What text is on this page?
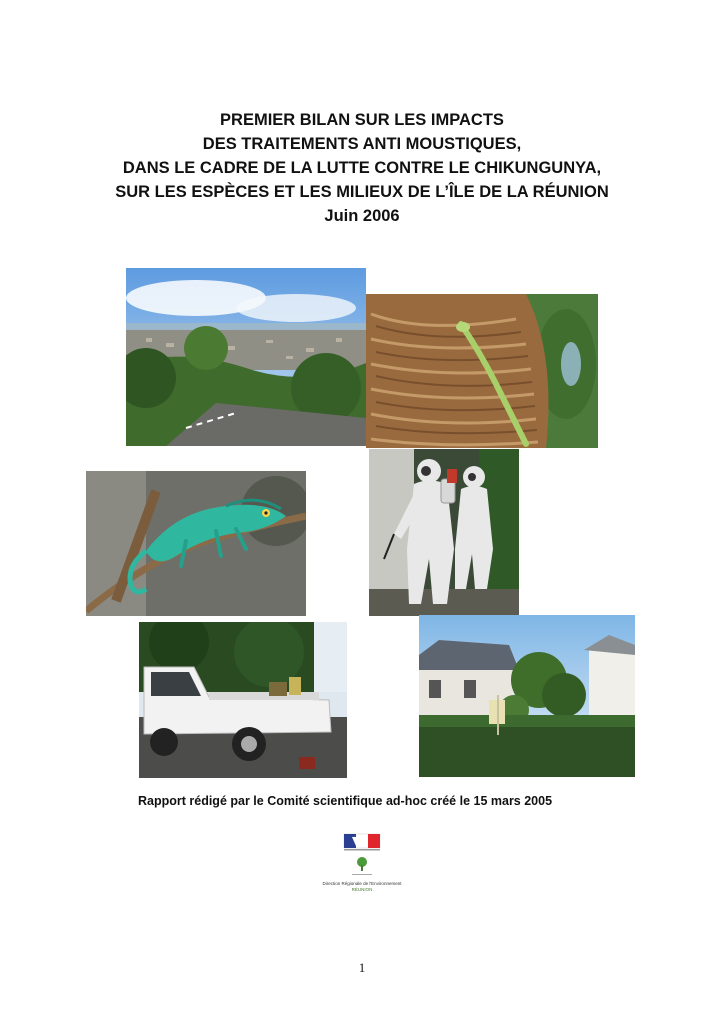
PREMIER BILAN SUR LES IMPACTS
DES TRAITEMENTS ANTI MOUSTIQUES,
DANS LE CADRE DE LA LUTTE CONTRE LE CHIKUNGUNYA,
SUR LES ESPÈCES ET LES MILIEUX DE L’ÎLE DE LA RÉUNION
Juin 2006
Rapport rédigé par le Comité scientifique ad-hoc créé le 15 mars 2005
Direction Régionale de l'Environnement
RÉUNION
1
